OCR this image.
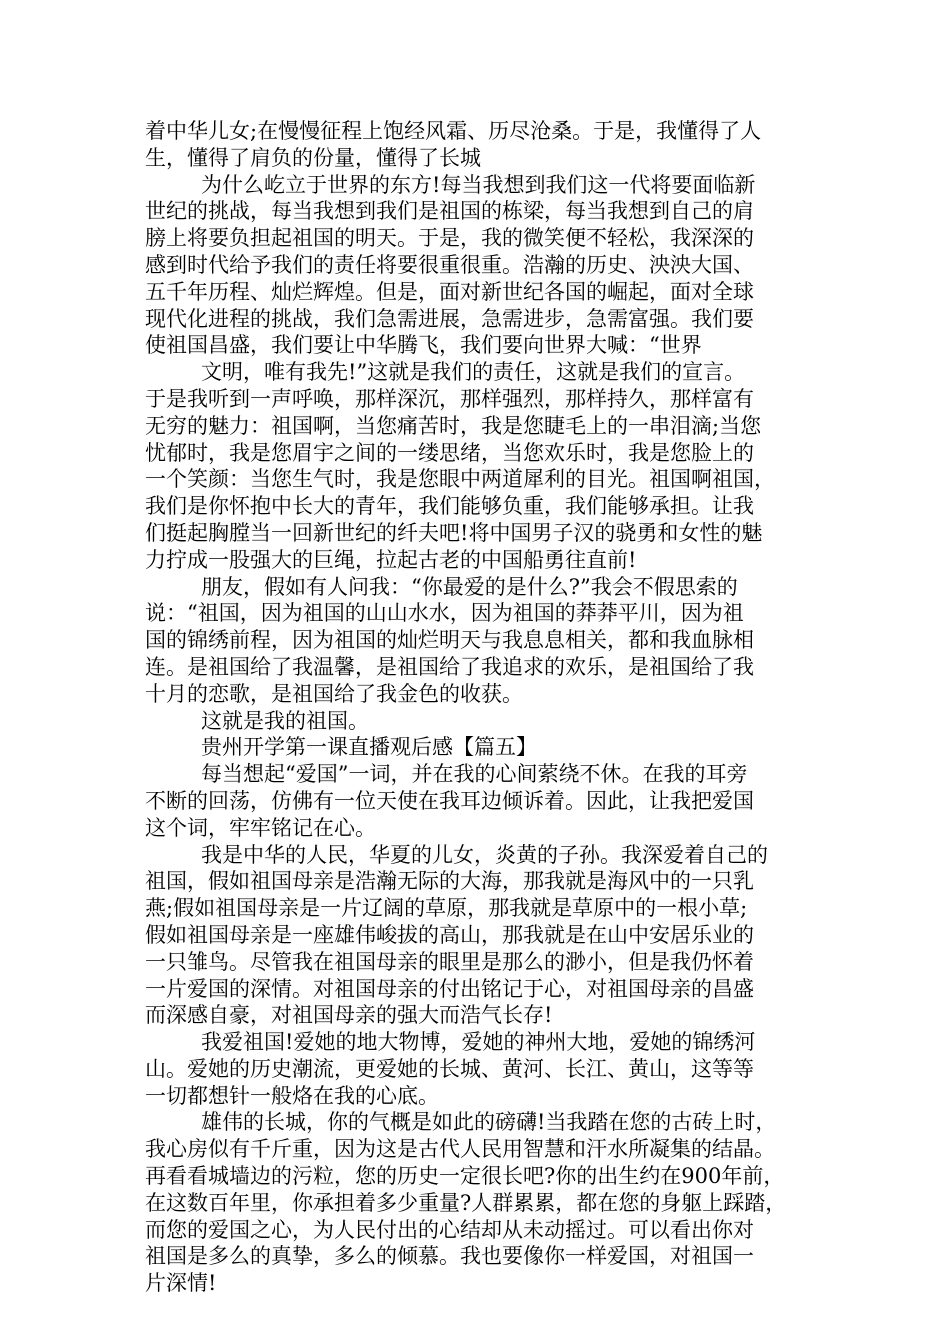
着中华儿女;在慢慢征程上饱经风霜、历尽沧桑。于是，我懂得了人
生，懂得了肩负的份量，懂得了长城
为什么屹立于世界的东方!每当我想到我们这一代将要面临新
世纪的挑战，每当我想到我们是祖国的栋梁，每当我想到自己的肩
膀上将要负担起祖国的明天。于是，我的微笑便不轻松，我深深的
感到时代给予我们的责任将要很重很重。浩瀚的历史、泱泱大国、
五千年历程、灿烂辉煌。但是，面对新世纪各国的崛起，面对全球
现代化进程的挑战，我们急需进展，急需进步，急需富强。我们要
使祖国昌盛，我们要让中华腾飞，我们要向世界大喊：“世界
文明，唯有我先!”这就是我们的责任，这就是我们的宣言。
于是我听到一声呼唤，那样深沉，那样强烈，那样持久，那样富有
无穷的魅力：祖国啊，当您痛苦时，我是您睫毛上的一串泪滴;当您
忧郁时，我是您眉宇之间的一缕思绪，当您欢乐时，我是您脸上的
一个笑颜：当您生气时，我是您眼中两道犀利的目光。祖国啊祖国，
我们是你怀抱中长大的青年，我们能够负重，我们能够承担。让我
们挺起胸膛当一回新世纪的纤夫吧!将中国男子汉的骁勇和女性的魅
力拧成一股强大的巨绳，拉起古老的中国船勇往直前!
朋友，假如有人问我：“你最爱的是什么?”我会不假思索的
说：“祖国，因为祖国的山山水水，因为祖国的莽莽平川，因为祖
国的锦绣前程，因为祖国的灿烂明天与我息息相关，都和我血脉相
连。是祖国给了我温馨，是祖国给了我追求的欢乐，是祖国给了我
十月的恋歌，是祖国给了我金色的收获。
这就是我的祖国。
贵州开学第一课直播观后感【篇五】
每当想起“爱国”一词，并在我的心间萦绕不休。在我的耳旁
不断的回荡，仿佛有一位天使在我耳边倾诉着。因此，让我把爱国
这个词，牢牢铭记在心。
我是中华的人民，华夏的儿女，炎黄的子孙。我深爱着自己的
祖国，假如祖国母亲是浩瀚无际的大海，那我就是海风中的一只乳
燕;假如祖国母亲是一片辽阔的草原，那我就是草原中的一根小草;
假如祖国母亲是一座雄伟峻拔的高山，那我就是在山中安居乐业的
一只雏鸟。尽管我在祖国母亲的眼里是那么的渺小，但是我仍怀着
一片爱国的深情。对祖国母亲的付出铭记于心，对祖国母亲的昌盛
而深感自豪，对祖国母亲的强大而浩气长存!
我爱祖国!爱她的地大物博，爱她的神州大地，爱她的锦绣河
山。爱她的历史潮流，更爱她的长城、黄河、长江、黄山，这等等
一切都想针一般烙在我的心底。
雄伟的长城，你的气概是如此的磅礴!当我踏在您的古砖上时，
我心房似有千斤重，因为这是古代人民用智慧和汗水所凝集的结晶。
再看看城墙边的污粒，您的历史一定很长吧?你的出生约在900年前，
在这数百年里，你承担着多少重量?人群累累，都在您的身躯上踩踏，
而您的爱国之心，为人民付出的心结却从未动摇过。可以看出你对
祖国是多么的真挚，多么的倾慕。我也要像你一样爱国，对祖国一
片深情!
